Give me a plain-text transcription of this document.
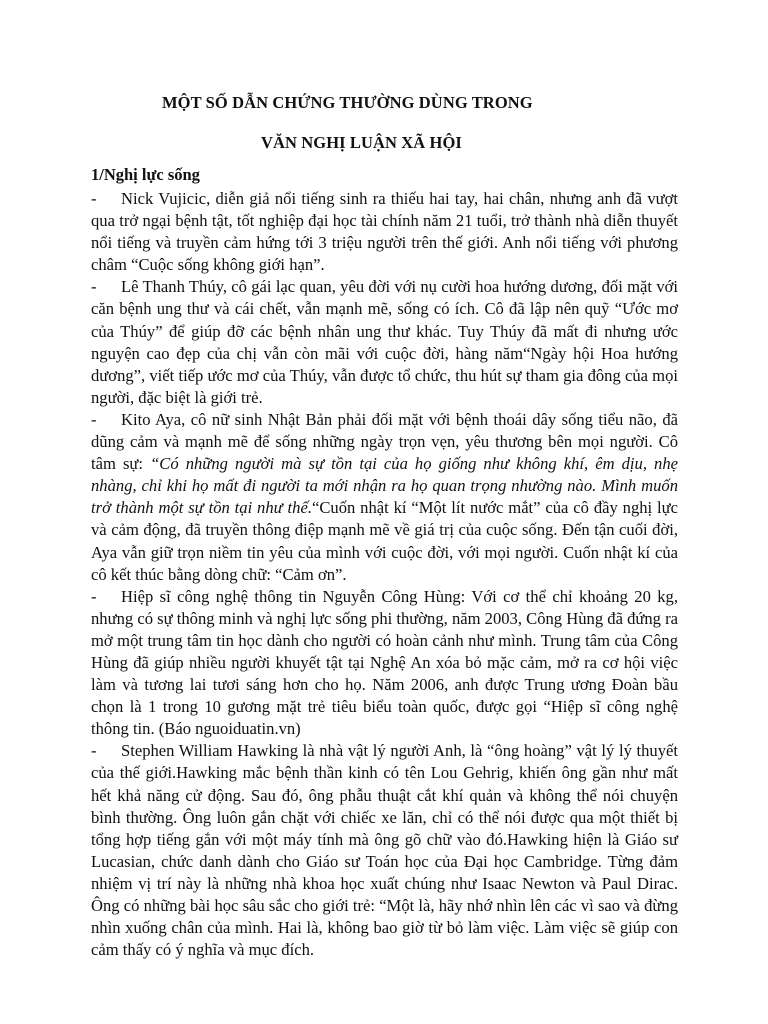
MỘT SỐ DẪN CHỨNG THƯỜNG DÙNG TRONG
VĂN NGHỊ LUẬN XÃ HỘI
1/Nghị lực sống

- Nick Vujicic, diễn giả nổi tiếng sinh ra thiếu hai tay, hai chân, nhưng anh đã vượt qua trở ngại bệnh tật, tốt nghiệp đại học tài chính năm 21 tuổi, trở thành nhà diễn thuyết nổi tiếng và truyền cảm hứng tới 3 triệu người trên thế giới. Anh nổi tiếng với phương châm “Cuộc sống không giới hạn”.

- Lê Thanh Thúy, cô gái lạc quan, yêu đời với nụ cười hoa hướng dương, đối mặt với căn bệnh ung thư và cái chết, vẫn mạnh mẽ, sống có ích. Cô đã lập nên quỹ “Ước mơ của Thúy” để giúp đỡ các bệnh nhân ung thư khác. Tuy Thúy đã mất đi nhưng ước nguyện cao đẹp của chị vẫn còn mãi với cuộc đời, hàng năm“Ngày hội Hoa hướng dương”, viết tiếp ước mơ của Thúy, vẫn được tổ chức, thu hút sự tham gia đông của mọi người, đặc biệt là giới trẻ.

- Kito Aya, cô nữ sinh Nhật Bản phải đối mặt với bệnh thoái dây sống tiểu não, đã dũng cảm và mạnh mẽ để sống những ngày trọn vẹn, yêu thương bên mọi người. Cô tâm sự: “Có những người mà sự tồn tại của họ giống như không khí, êm dịu, nhẹ nhàng, chỉ khi họ mất đi người ta mới nhận ra họ quan trọng nhường nào. Mình muốn trở thành một sự tồn tại như thế.“Cuốn nhật kí “Một lít nước mắt” của cô đầy nghị lực và cảm động, đã truyền thông điệp mạnh mẽ về giá trị của cuộc sống. Đến tận cuối đời, Aya vẫn giữ trọn niềm tin yêu của mình với cuộc đời, với mọi người. Cuốn nhật kí của cô kết thúc bằng dòng chữ: “Cảm ơn”.

- Hiệp sĩ công nghệ thông tin Nguyễn Công Hùng: Với cơ thể chỉ khoảng 20 kg, nhưng có sự thông minh và nghị lực sống phi thường, năm 2003, Công Hùng đã đứng ra mở một trung tâm tin học dành cho người có hoàn cảnh như mình. Trung tâm của Công Hùng đã giúp nhiều người khuyết tật tại Nghệ An xóa bỏ mặc cảm, mở ra cơ hội việc làm và tương lai tươi sáng hơn cho họ. Năm 2006, anh được Trung ương Đoàn bầu chọn là 1 trong 10 gương mặt trẻ tiêu biểu toàn quốc, được gọi “Hiệp sĩ công nghệ thông tin. (Báo nguoiduatin.vn)

- Stephen William Hawking là nhà vật lý người Anh, là “ông hoàng” vật lý lý thuyết của thế giới.Hawking mắc bệnh thần kinh có tên Lou Gehrig, khiến ông gần như mất hết khả năng cử động. Sau đó, ông phẫu thuật cắt khí quản và không thể nói chuyện bình thường. Ông luôn gắn chặt với chiếc xe lăn, chỉ có thể nói được qua một thiết bị tổng hợp tiếng gắn với một máy tính mà ông gõ chữ vào đó.Hawking hiện là Giáo sư Lucasian, chức danh dành cho Giáo sư Toán học của Đại học Cambridge. Từng đảm nhiệm vị trí này là những nhà khoa học xuất chúng như Isaac Newton và Paul Dirac. Ông có những bài học sâu sắc cho giới trẻ: “Một là, hãy nhớ nhìn lên các vì sao và đừng nhìn xuống chân của mình. Hai là, không bao giờ từ bỏ làm việc. Làm việc sẽ giúp con cảm thấy có ý nghĩa và mục đích.
